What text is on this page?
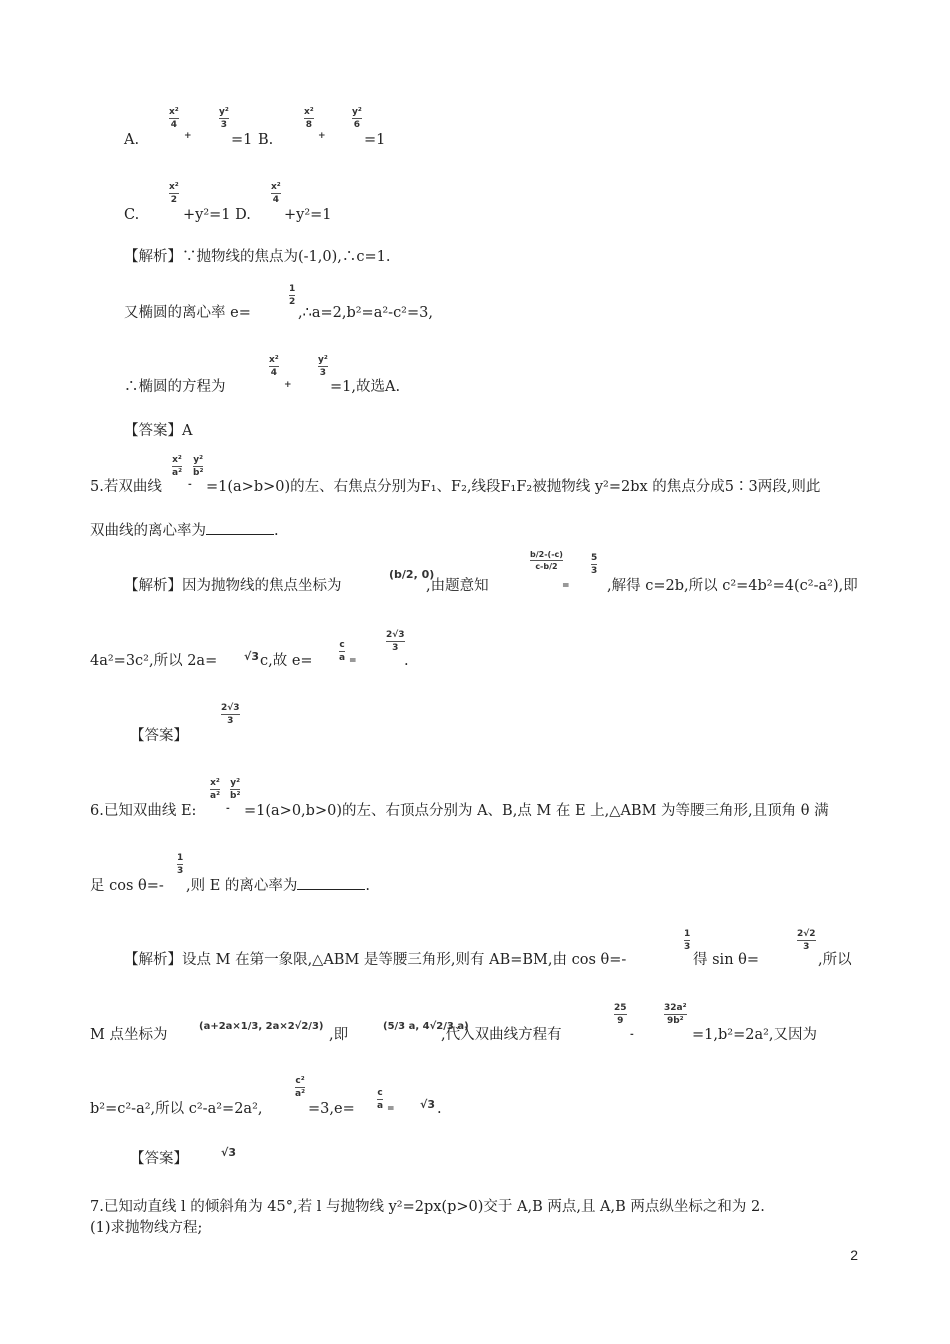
A.
x²
4
+
y²
3
=1 B.
x²
8
+
y²
6
=1
C.
x²
2
+y²=1 D.
x²
4
+y²=1
【解析】∵抛物线的焦点为(-1,0),∴c=1.
又椭圆的离心率 e=
1
2
,∴a=2,b²=a²-c²=3,
∴椭圆的方程为
x²
4
+
y²
3
=1,故选A.
【答案】A
5.若双曲线
x²
a²
-
y²
b²
=1(a>b>0)的左、右焦点分别为F₁、F₂,线段F₁F₂被抛物线 y²=2bx 的焦点分成5∶3两段,则此
双曲线的离心率为	.
【解析】因为抛物线的焦点坐标为
(b/2, 0)
,由题意知
b/2-(-c)
c-b/2
=
5
3
,解得 c=2b,所以 c²=4b²=4(c²-a²),即
4a²=3c²,所以 2a= √3 c,故 e=
c
a =
2√3
3
.
【答案】
2√3
3
6.已知双曲线 E:
x²
a²
-
y²
b²
=1(a>0,b>0)的左、右顶点分别为 A、B,点 M 在 E 上,△ABM 为等腰三角形,且顶角 θ 满
足 cos θ=-
1
3
,则 E 的离心率为	.
【解析】设点 M 在第一象限,△ABM 是等腰三角形,则有 AB=BM,由 cos θ=-
1
3
得 sin θ=
2√2
3
,所以
M 点坐标为
(a+2a×1/3, 2a×2√2/3)
,即
(5/3 a, 4√2/3 a)
,代入双曲线方程有
25
9
-
32a²
9b²
=1,b²=2a²,又因为
b²=c²-a²,所以 c²-a²=2a²,
c²
a²
=3,e=
c
a = √3 .
【答案】	√3
7.已知动直线 l 的倾斜角为 45°,若 l 与抛物线 y²=2px(p>0)交于 A,B 两点,且 A,B 两点纵坐标之和为 2.
(1)求抛物线方程;
2
